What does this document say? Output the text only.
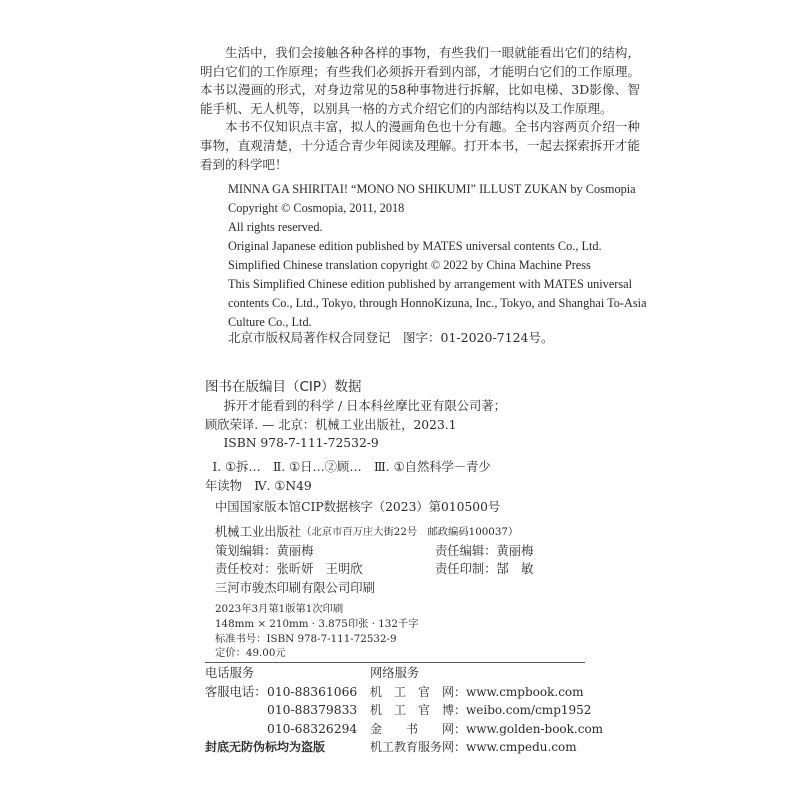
生活中，我们会接触各种各样的事物，有些我们一眼就能看出它们的结构，明白它们的工作原理；有些我们必须拆开看到内部，才能明白它们的工作原理。本书以漫画的形式，对身边常见的58种事物进行拆解，比如电梯、3D影像、智能手机、无人机等，以别具一格的方式介绍它们的内部结构以及工作原理。

本书不仅知识点丰富，拟人的漫画角色也十分有趣。全书内容两页介绍一种事物，直观清楚，十分适合青少年阅读及理解。打开本书，一起去探索拆开才能看到的科学吧！

MINNA GA SHIRITAI! “MONO NO SHIKUMI” ILLUST ZUKAN by Cosmopia
Copyright © Cosmopia, 2011, 2018
All rights reserved.
Original Japanese edition published by MATES universal contents Co., Ltd.
Simplified Chinese translation copyright © 2022 by China Machine Press
This Simplified Chinese edition published by arrangement with MATES universal
contents Co., Ltd., Tokyo, through HonnoKizuna, Inc., Tokyo, and Shanghai To-Asia
Culture Co., Ltd.
北京市版权局著作权合同登记　图字：01-2020-7124号。
图书在版编目（CIP）数据
拆开才能看到的科学 / 日本科丝摩比亚有限公司著；
顾欣荣译. — 北京：机械工业出版社，2023.1
ISBN 978-7-111-72532-9
Ⅰ. ①拆…　Ⅱ. ①日…②顾…　Ⅲ. ①自然科学－青少
年读物　Ⅳ. ①N49
中国国家版本馆CIP数据核字（2023）第010500号
机械工业出版社 （北京市百万庄大街22号　邮政编码100037）
策划编辑：黄丽梅	责任编辑：黄丽梅
责任校对：张昕妍　王明欣	责任印制：郜　敏
三河市骏杰印刷有限公司印刷
2023年3月第1版第1次印刷
148mm × 210mm · 3.875印张 · 132千字
标准书号：ISBN 978-7-111-72532-9
定价：49.00元
电话服务	网络服务
客服电话：010-88361066	机　工　官　网：www.cmpbook.com
010-88379833	机　工　官　博：weibo.com/cmp1952
010-68326294	金　　书　　网：www.golden-book.com
封底无防伪标均为盗版	机工教育服务网：www.cmpedu.com
